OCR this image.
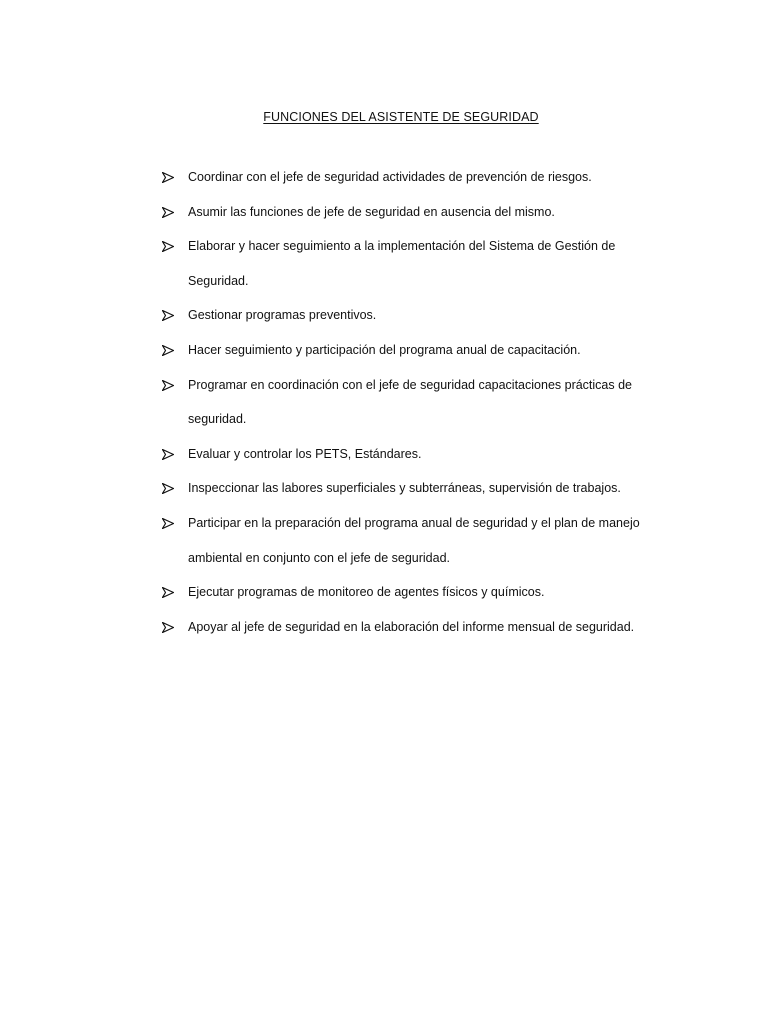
FUNCIONES DEL ASISTENTE DE SEGURIDAD
Coordinar con el jefe de seguridad actividades de prevención de riesgos.
Asumir las funciones de jefe de seguridad en ausencia del mismo.
Elaborar y hacer seguimiento a la implementación del Sistema de Gestión de Seguridad.
Gestionar programas preventivos.
Hacer seguimiento y participación del programa anual de capacitación.
Programar en coordinación con el jefe de seguridad capacitaciones prácticas de seguridad.
Evaluar y controlar los PETS, Estándares.
Inspeccionar las labores superficiales y subterráneas, supervisión de trabajos.
Participar en la preparación del programa anual de seguridad y el plan de manejo ambiental en conjunto con el jefe de seguridad.
Ejecutar programas de monitoreo de agentes físicos y químicos.
Apoyar al jefe de seguridad en la elaboración del informe mensual de seguridad.
